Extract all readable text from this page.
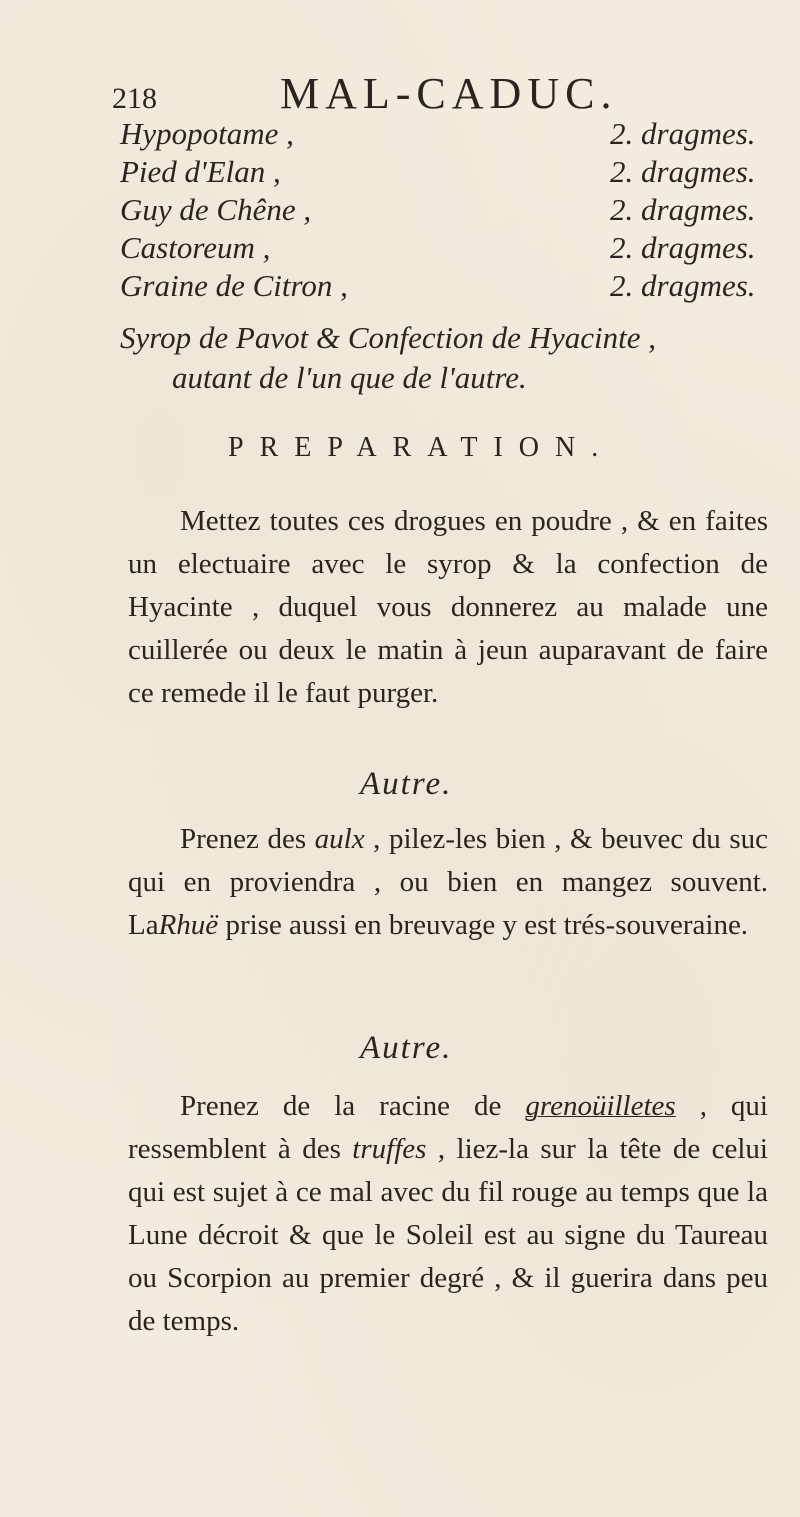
218	MAL-CADUC.
Hypopotame ,	2. dragmes.
Pied d'Elan ,	2. dragmes.
Guy de Chêne ,	2. dragmes.
Castoreum ,	2. dragmes.
Graine de Citron ,	2. dragmes.
Syrop de Pavot & Confection de Hyacinte ,
autant de l'un que de l'autre.
PREPARATION.

Mettez toutes ces drogues en poudre , & en faites un electuaire avec le syrop & la confection de Hyacinte , duquel vous donnerez au malade une cuillerée ou deux le matin à jeun auparavant de faire ce remede il le faut purger.

Autre.

Prenez des aulx , pilez-les bien , & beuvec du suc qui en proviendra , ou bien en mangez souvent. LaRhuë prise aussi en breuvage y est trés-souveraine.

Autre.

Prenez de la racine de grenoüilletes , qui ressemblent à des truffes , liez-la sur la tête de celui qui est sujet à ce mal avec du fil rouge au temps que la Lune décroit & que le Soleil est au signe du Taureau ou Scorpion au premier degré , & il guerira dans peu de temps.
